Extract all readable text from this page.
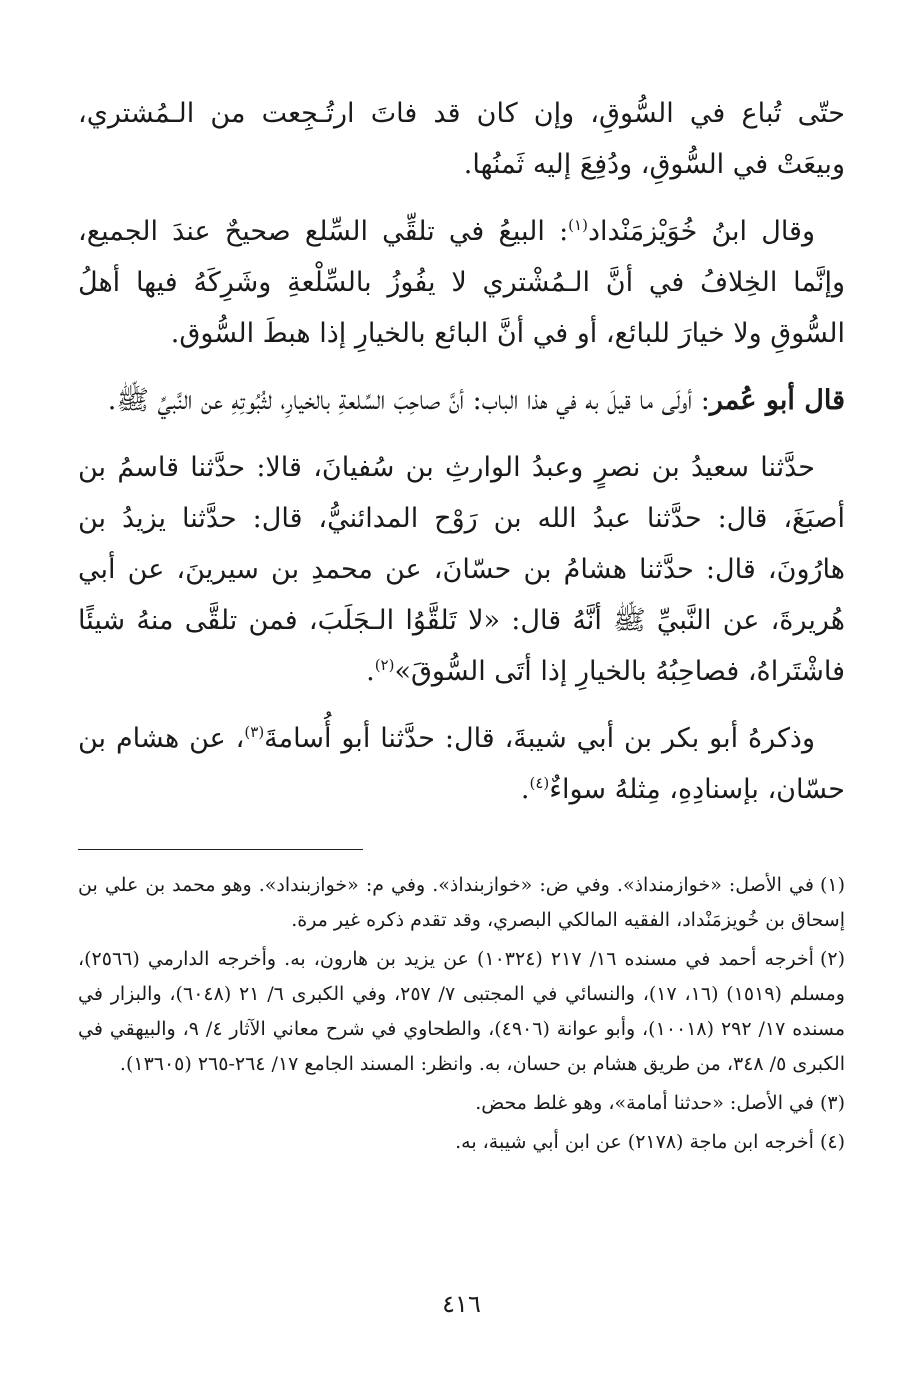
حتّى تُباع في السُّوقِ، وإن كان قد فاتَ ارتُـجِعت من الـمُشتري، وبيعَتْ في السُّوقِ، ودُفِعَ إليه ثَمنُها.

وقال ابنُ خُوَيْزمَنْداد$^{(١)}$: البيعُ في تلقِّي السِّلع صحيحٌ عندَ الجميع، وإنَّما الخِلافُ في أنَّ الـمُشْتري لا يفُوزُ بالسِّلْعةِ وشَرِكَهُ فيها أهلُ السُّوقِ ولا خيارَ للبائع، أو في أنَّ البائع بالخيارِ إذا هبطَ السُّوق.

قال أبو عُمر: أولَى ما قيلَ به في هذا الباب: أنَّ صاحِبَ السِّلعةِ بالخيارِ، لثُبُوتِهِ عن النَّبيِّ ﷺ.

حدَّثنا سعيدُ بن نصرٍ وعبدُ الوارثِ بن سُفيانَ، قالا: حدَّثنا قاسمُ بن أصبَغَ، قال: حدَّثنا عبدُ الله بن رَوْح المدائنيُّ، قال: حدَّثنا يزيدُ بن هارُونَ، قال: حدَّثنا هشامُ بن حسّانَ، عن محمدِ بن سيرينَ، عن أبي هُريرةَ، عن النَّبيِّ ﷺ أنَّهُ قال: «لا تَلقَّوُا الـجَلَبَ، فمن تلقَّى منهُ شيئًا فاشْتَراهُ، فصاحِبُهُ بالخيارِ إذا أتَى السُّوقَ»$^{(٢)}$.

وذكرهُ أبو بكر بن أبي شيبةَ، قال: حدَّثنا أبو أُسامةَ$^{(٣)}$، عن هشام بن حسّان، بإسنادِهِ، مِثلهُ سواءٌ$^{(٤)}$.

(١)في الأصل: «خوازمنداذ». وفي ض: «خوازبنداذ». وفي م: «خوازبنداد». وهو محمد بن علي بن إسحاق بن خُويزمَنْداد، الفقيه المالكي البصري، وقد تقدم ذكره غير مرة.

(٢)أخرجه أحمد في مسنده ١٦/ ٢١٧ (١٠٣٢٤) عن يزيد بن هارون، به. وأخرجه الدارمي (٢٥٦٦)، ومسلم (١٥١٩) (١٦، ١٧)، والنسائي في المجتبى ٧/ ٢٥٧، وفي الكبرى ٦/ ٢١ (٦٠٤٨)، والبزار في مسنده ١٧/ ٢٩٢ (١٠٠١٨)، وأبو عوانة (٤٩٠٦)، والطحاوي في شرح معاني الآثار ٤/ ٩، والبيهقي في الكبرى ٥/ ٣٤٨، من طريق هشام بن حسان، به. وانظر: المسند الجامع ١٧/ ٢٦٤-٢٦٥ (١٣٦٠٥).

(٣)في الأصل: «حدثنا أمامة»، وهو غلط محض.

(٤)أخرجه ابن ماجة (٢١٧٨) عن ابن أبي شيبة، به.

٤١٦
